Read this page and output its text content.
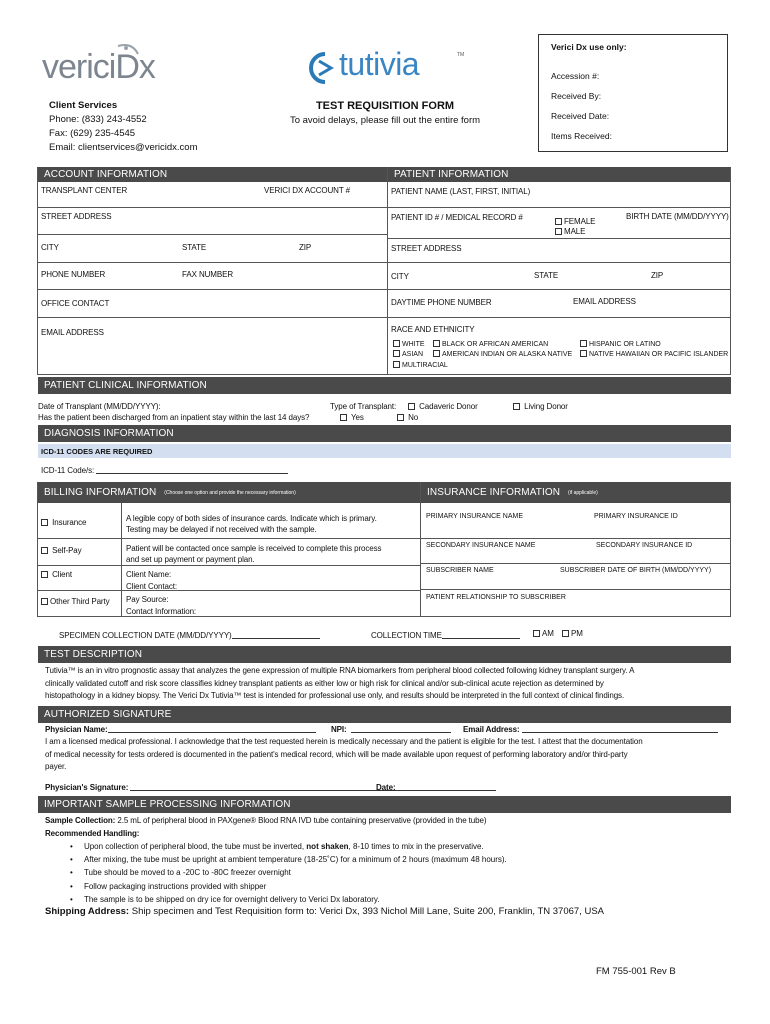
vericiDx	tutivia	TM
Client Services
Phone: (833) 243-4552
Fax: (629) 235-4545
Email: clientservices@vericidx.com
TEST REQUISITION FORM
To avoid delays, please fill out the entire form
Verici Dx use only:
Accession #:
Received By:
Received Date:
Items Received:
ACCOUNT INFORMATION	PATIENT INFORMATION
TRANSPLANT CENTER	VERICI DX ACCOUNT #
STREET ADDRESS
CITY	STATE	ZIP
PHONE NUMBER	FAX NUMBER
OFFICE CONTACT
EMAIL ADDRESS
PATIENT NAME (LAST, FIRST, INITIAL)
PATIENT ID # / MEDICAL RECORD #	FEMALE
MALE
BIRTH DATE (MM/DD/YYYY)
STREET ADDRESS
CITY	STATE	ZIP
DAYTIME PHONE NUMBER	EMAIL ADDRESS
RACE AND ETHNICITY
WHITE	BLACK OR AFRICAN AMERICAN	HISPANIC OR LATINO
ASIAN	AMERICAN INDIAN OR ALASKA NATIVE	NATIVE HAWAIIAN OR PACIFIC ISLANDER
MULTIRACIAL
PATIENT CLINICAL INFORMATION
Date of Transplant (MM/DD/YYYY):	Type of Transplant:	Cadaveric Donor	Living Donor
Has the patient been discharged from an inpatient stay within the last 14 days?	Yes	No
DIAGNOSIS INFORMATION
ICD-11 CODES ARE REQUIRED
ICD-11 Code/s:
BILLING INFORMATION (Choose one option and provide the necessary information)	INSURANCE INFORMATION (if applicable)
Insurance	A legible copy of both sides of insurance cards. Indicate which is primary.
Testing may be delayed if not received with the sample.
Self-Pay	Patient will be contacted once sample is received to complete this process
and set up payment or payment plan.
Client	Client Name:
Client Contact:
Other Third Party Pay Source:
Contact Information:
PRIMARY INSURANCE NAME	PRIMARY INSURANCE ID
SECONDARY INSURANCE NAME	SECONDARY INSURANCE ID
SUBSCRIBER NAME	SUBSCRIBER DATE OF BIRTH (MM/DD/YYYY)
PATIENT RELATIONSHIP TO SUBSCRIBER
SPECIMEN COLLECTION DATE (MM/DD/YYYY)	COLLECTION TIME	AM	PM
TEST DESCRIPTION
Tutivia™ is an in vitro prognostic assay that analyzes the gene expression of multiple RNA biomarkers from peripheral blood collected following kidney transplant surgery. A
clinically validated cutoff and risk score classifies kidney transplant patients as either low or high risk for clinical and/or sub-clinical acute rejection as determined by
histopathology in a kidney biopsy. The Verici Dx Tutivia™ test is intended for professional use only, and results should be interpreted in the full context of clinical findings.
AUTHORIZED SIGNATURE
Physician Name:	NPI:	Email Address:
I am a licensed medical professional. I acknowledge that the test requested herein is medically necessary and the patient is eligible for the test. I attest that the documentation
of medical necessity for tests ordered is documented in the patient's medical record, which will be made available upon request of performing laboratory and/or third-party
payer.
Physician's Signature:	Date:
IMPORTANT SAMPLE PROCESSING INFORMATION
Sample Collection: 2.5 mL of peripheral blood in PAXgene® Blood RNA IVD tube containing preservative (provided in the tube)
Recommended Handling:
• Upon collection of peripheral blood, the tube must be inverted, not shaken, 8-10 times to mix in the preservative.
• After mixing, the tube must be upright at ambient temperature (18-25˚C) for a minimum of 2 hours (maximum 48 hours).
• Tube should be moved to a -20C to -80C freezer overnight
• Follow packaging instructions provided with shipper
• The sample is to be shipped on dry ice for overnight delivery to Verici Dx laboratory.
Shipping Address: Ship specimen and Test Requisition form to: Verici Dx, 393 Nichol Mill Lane, Suite 200, Franklin, TN 37067, USA
FM 755-001 Rev B
